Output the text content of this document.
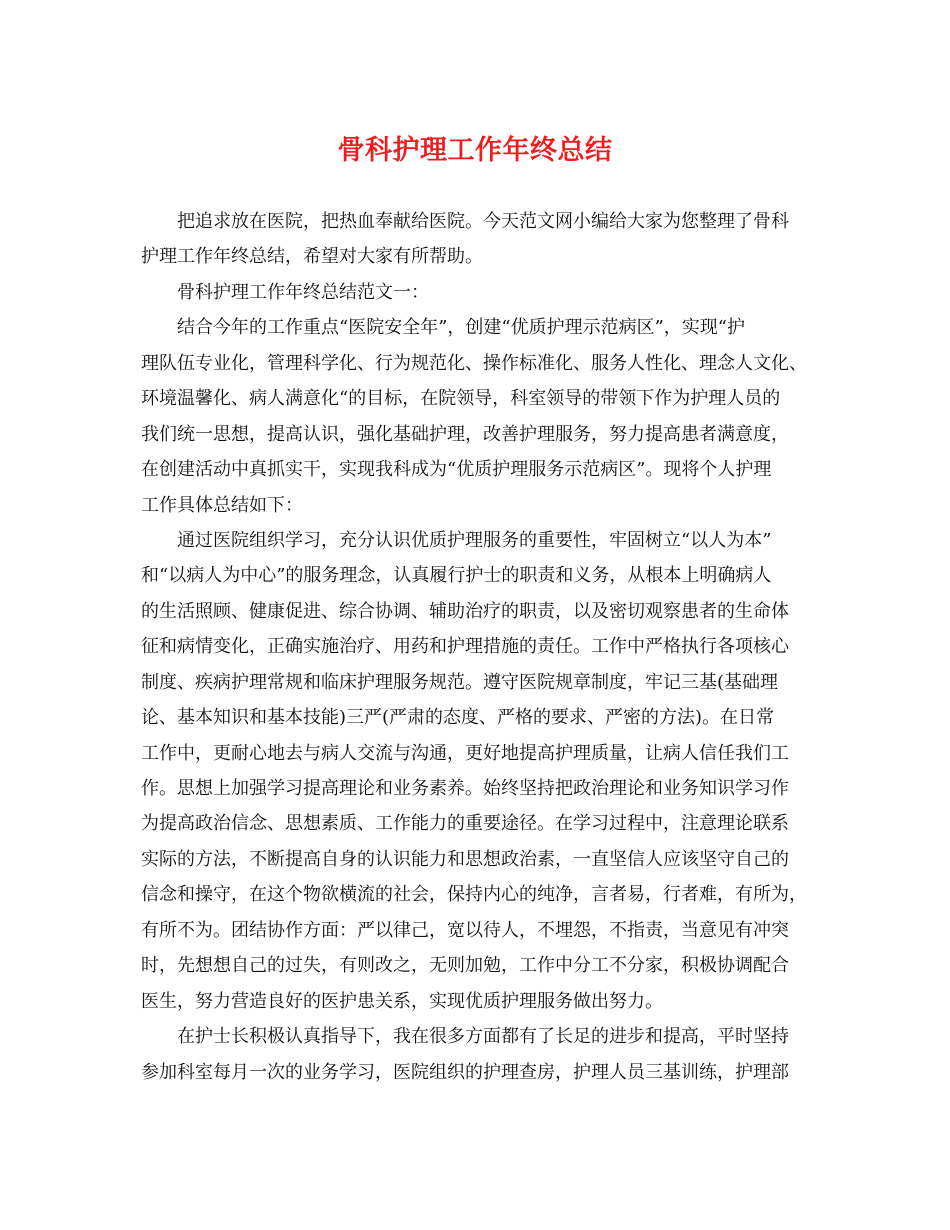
骨科护理工作年终总结
把追求放在医院，把热血奉献给医院。今天范文网小编给大家为您整理了骨科
护理工作年终总结，希望对大家有所帮助。
骨科护理工作年终总结范文一：
结合今年的工作重点“医院安全年”，创建“优质护理示范病区”，实现“护
理队伍专业化，管理科学化、行为规范化、操作标准化、服务人性化、理念人文化、
环境温馨化、病人满意化“的目标，在院领导，科室领导的带领下作为护理人员的
我们统一思想，提高认识，强化基础护理，改善护理服务，努力提高患者满意度，
在创建活动中真抓实干，实现我科成为“优质护理服务示范病区”。现将个人护理
工作具体总结如下：
通过医院组织学习，充分认识优质护理服务的重要性，牢固树立“以人为本”
和“以病人为中心”的服务理念，认真履行护士的职责和义务，从根本上明确病人
的生活照顾、健康促进、综合协调、辅助治疗的职责，以及密切观察患者的生命体
征和病情变化，正确实施治疗、用药和护理措施的责任。工作中严格执行各项核心
制度、疾病护理常规和临床护理服务规范。遵守医院规章制度，牢记三基(基础理
论、基本知识和基本技能)三严(严肃的态度、严格的要求、严密的方法)。在日常
工作中，更耐心地去与病人交流与沟通，更好地提高护理质量，让病人信任我们工
作。思想上加强学习提高理论和业务素养。始终坚持把政治理论和业务知识学习作
为提高政治信念、思想素质、工作能力的重要途径。在学习过程中，注意理论联系
实际的方法，不断提高自身的认识能力和思想政治素，一直坚信人应该坚守自己的
信念和操守，在这个物欲横流的社会，保持内心的纯净，言者易，行者难，有所为，
有所不为。团结协作方面：严以律己，宽以待人，不埋怨，不指责，当意见有冲突
时，先想想自己的过失，有则改之，无则加勉，工作中分工不分家，积极协调配合
医生，努力营造良好的医护患关系，实现优质护理服务做出努力。
在护士长积极认真指导下，我在很多方面都有了长足的进步和提高，平时坚持
参加科室每月一次的业务学习，医院组织的护理查房，护理人员三基训练，护理部
